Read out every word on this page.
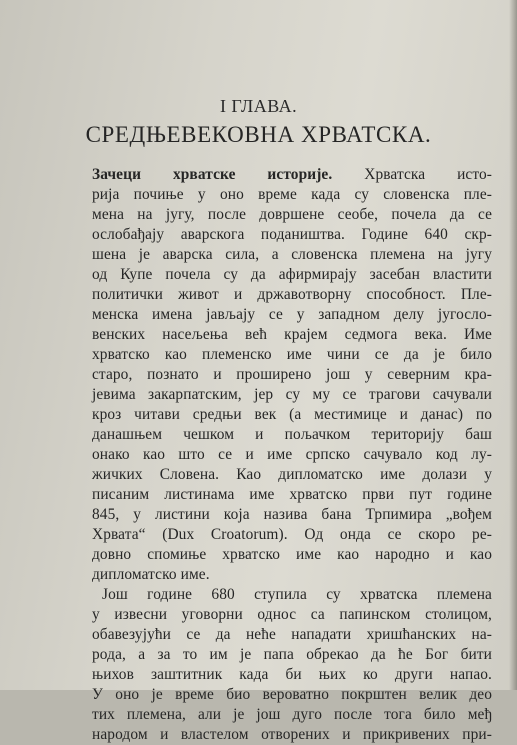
I ГЛАВА.
СРЕДЊЕВЕКОВНА ХРВАТСКА.
Зачеци хрватске историје. Хрватска исто-
рија почиње у оно време када су словенска пле-
мена на југу, после довршене сеобе, почела да се
ослобађају аварскога подаништва. Године 640 скр-
шена је аварска сила, а словенска племена на југу
од Купе почела су да афирмирају засебан властити
политички живот и државотворну способност. Пле-
менска имена јављају се у западном делу југосло-
венских насељења већ крајем седмога века. Име
хрватско као племенско име чини се да је било
старо, познато и проширено још у северним кра-
јевима закарпатским, јер су му се трагови сачували
кроз читави средњи век (а местимице и данас) по
данашњем чешком и пољачком територију баш
онако као што се и име српско сачувало код лу-
жичких Словена. Као дипломатско име долази у
писаним листинама име хрватско први пут године
845, у листини која назива бана Трпимира „вођем
Хрвата“ (Dux Croatorum). Од онда се скоро ре-
довно спомиње хрватско име као народно и као
дипломатско име.
Још године 680 ступила су хрватска племена
у извесни уговорни однос са папинском столицом,
обавезујући се да неће нападати хришћанских на-
рода, а за то им је папа обрекао да ће Бог бити
њихов заштитник када би њих ко други напао.
У оно је време био вероватно покрштен велик део
тих племена, али је још дуго после тога било међ
народом и властелом отворених и прикривених при-
